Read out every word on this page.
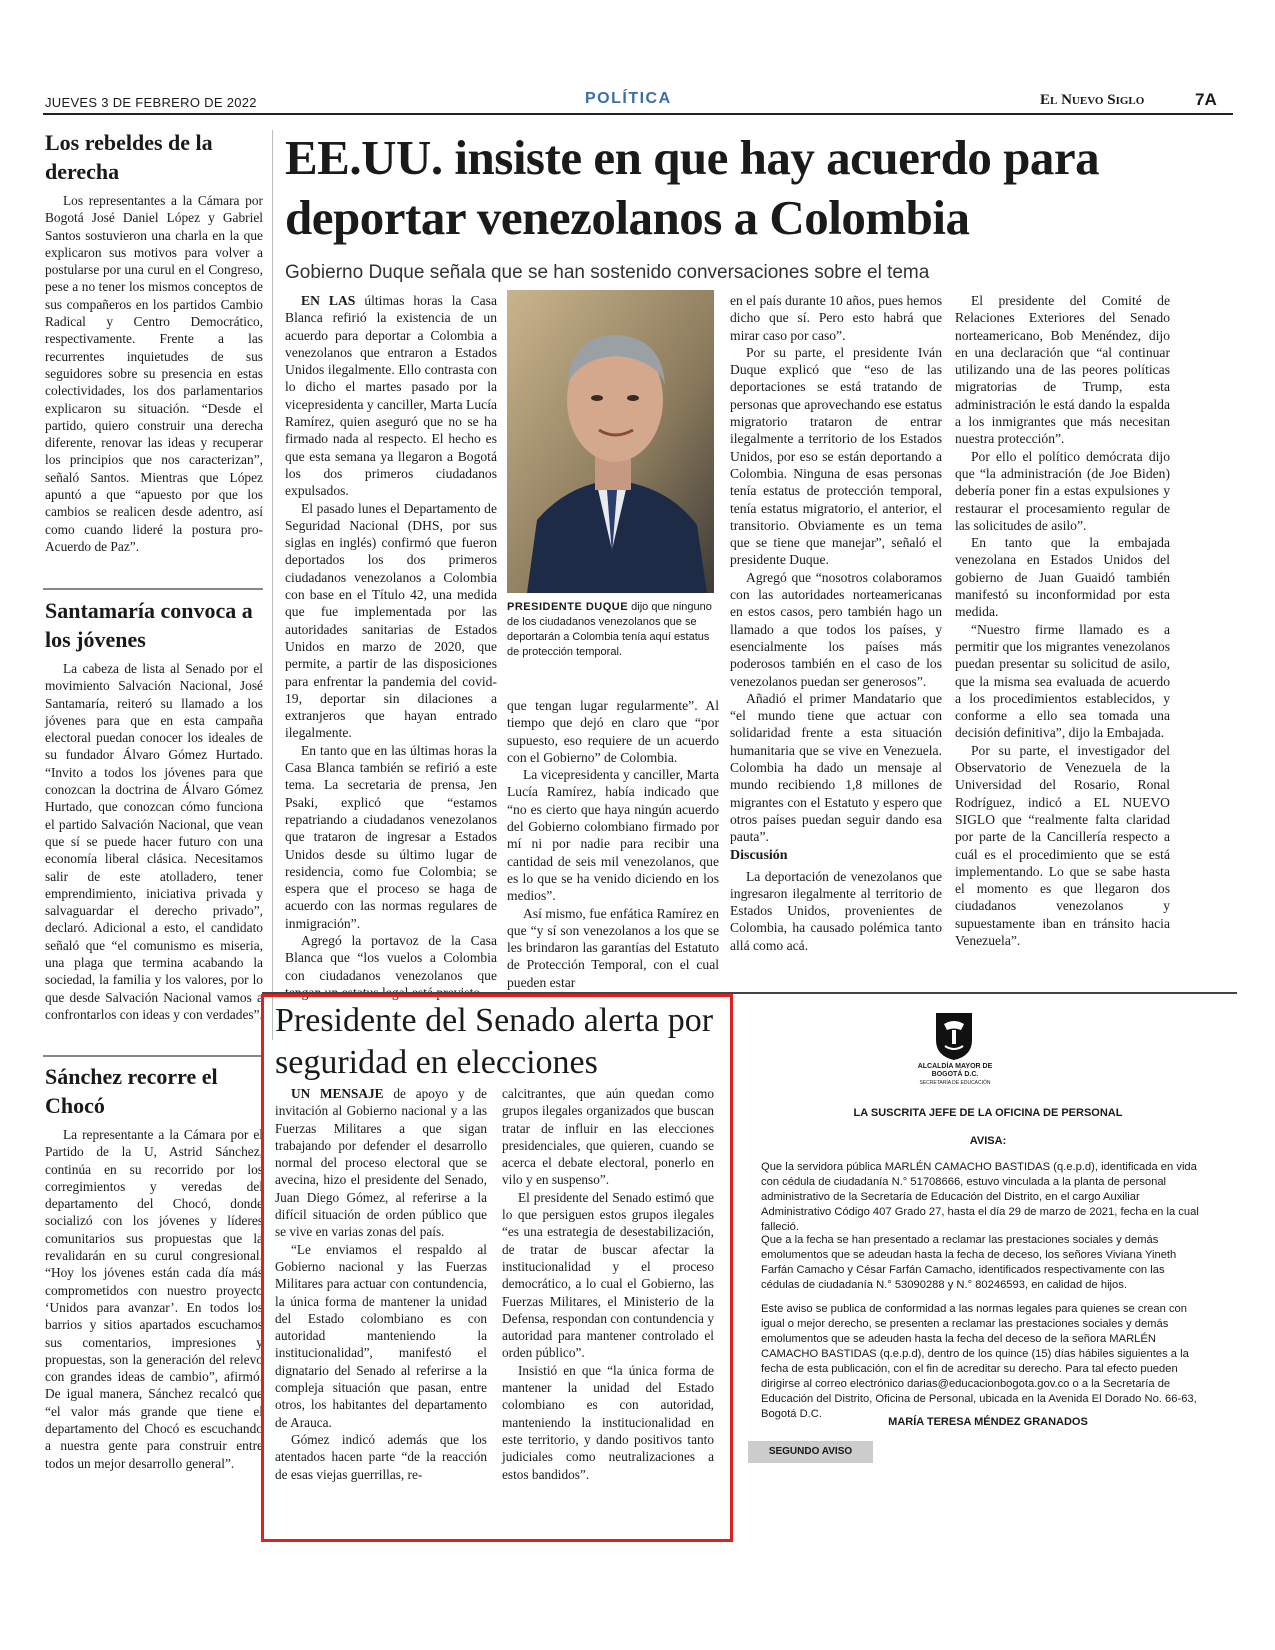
JUEVES 3 DE FEBRERO DE 2022	POLÍTICA	El Nuevo Siglo	7A
Los rebeldes de la derecha

Los representantes a la Cámara por Bogotá José Daniel López y Gabriel Santos sostuvieron una charla en la que explicaron sus motivos para volver a postularse por una curul en el Congreso, pese a no tener los mismos conceptos de sus compañeros en los partidos Cambio Radical y Centro Democrático, respectivamente. Frente a las recurrentes inquietudes de sus seguidores sobre su presencia en estas colectividades, los dos parlamentarios explicaron su situación. “Desde el partido, quiero construir una derecha diferente, renovar las ideas y recuperar los principios que nos caracterizan”, señaló Santos. Mientras que López apuntó a que “apuesto por que los cambios se realicen desde adentro, así como cuando lideré la postura pro-Acuerdo de Paz”.

Santamaría convoca a los jóvenes

La cabeza de lista al Senado por el movimiento Salvación Nacional, José Santamaría, reiteró su llamado a los jóvenes para que en esta campaña electoral puedan conocer los ideales de su fundador Álvaro Gómez Hurtado. “Invito a todos los jóvenes para que conozcan la doctrina de Álvaro Gómez Hurtado, que conozcan cómo funciona el partido Salvación Nacional, que vean que sí se puede hacer futuro con una economía liberal clásica. Necesitamos salir de este atolladero, tener emprendimiento, iniciativa privada y salvaguardar el derecho privado”, declaró. Adicional a esto, el candidato señaló que “el comunismo es miseria, una plaga que termina acabando la sociedad, la familia y los valores, por lo que desde Salvación Nacional vamos a confrontarlos con ideas y con verdades”.

Sánchez recorre el Chocó

La representante a la Cámara por el Partido de la U, Astrid Sánchez, continúa en su recorrido por los corregimientos y veredas del departamento del Chocó, donde socializó con los jóvenes y líderes comunitarios sus propuestas que la revalidarán en su curul congresional. “Hoy los jóvenes están cada día más comprometidos con nuestro proyecto ‘Unidos para avanzar’. En todos los barrios y sitios apartados escuchamos sus comentarios, impresiones y propuestas, son la generación del relevo con grandes ideas de cambio”, afirmó. De igual manera, Sánchez recalcó que “el valor más grande que tiene el departamento del Chocó es escuchando a nuestra gente para construir entre todos un mejor desarrollo general”.

EE.UU. insiste en que hay acuerdo para deportar venezolanos a Colombia
Gobierno Duque señala que se han sostenido conversaciones sobre el tema

EN LAS últimas horas la Casa Blanca refirió la existencia de un acuerdo para deportar a Colombia a venezolanos que entraron a Estados Unidos ilegalmente. Ello contrasta con lo dicho el martes pasado por la vicepresidenta y canciller, Marta Lucía Ramírez, quien aseguró que no se ha firmado nada al respecto. El hecho es que esta semana ya llegaron a Bogotá los dos primeros ciudadanos expulsados.

El pasado lunes el Departamento de Seguridad Nacional (DHS, por sus siglas en inglés) confirmó que fueron deportados los dos primeros ciudadanos venezolanos a Colombia con base en el Título 42, una medida que fue implementada por las autoridades sanitarias de Estados Unidos en marzo de 2020, que permite, a partir de las disposiciones para enfrentar la pandemia del covid-19, deportar sin dilaciones a extranjeros que hayan entrado ilegalmente.

En tanto que en las últimas horas la Casa Blanca también se refirió a este tema. La secretaria de prensa, Jen Psaki, explicó que “estamos repatriando a ciudadanos venezolanos que trataron de ingresar a Estados Unidos desde su último lugar de residencia, como fue Colombia; se espera que el proceso se haga de acuerdo con las normas regulares de inmigración”.

Agregó la portavoz de la Casa Blanca que “los vuelos a Colombia con ciudadanos venezolanos que tengan un estatus legal está previsto

PRESIDENTE DUQUE dijo que ninguno de los ciudadanos venezolanos que se deportarán a Colombia tenía aquí estatus de protección temporal.

que tengan lugar regularmente”. Al tiempo que dejó en claro que “por supuesto, eso requiere de un acuerdo con el Gobierno” de Colombia.

La vicepresidenta y canciller, Marta Lucía Ramírez, había indicado que “no es cierto que haya ningún acuerdo del Gobierno colombiano firmado por mí ni por nadie para recibir una cantidad de seis mil venezolanos, que es lo que se ha venido diciendo en los medios”.

Así mismo, fue enfática Ramírez en que “y sí son venezolanos a los que se les brindaron las garantías del Estatuto de Protección Temporal, con el cual pueden estar

en el país durante 10 años, pues hemos dicho que sí. Pero esto habrá que mirar caso por caso”.

Por su parte, el presidente Iván Duque explicó que “eso de las deportaciones se está tratando de personas que aprovechando ese estatus migratorio trataron de entrar ilegalmente a territorio de los Estados Unidos, por eso se están deportando a Colombia. Ninguna de esas personas tenía estatus de protección temporal, tenía estatus migratorio, el anterior, el transitorio. Obviamente es un tema que se tiene que manejar”, señaló el presidente Duque.

Agregó que “nosotros colaboramos con las autoridades norteamericanas en estos casos, pero también hago un llamado a que todos los países, y esencialmente los países más poderosos también en el caso de los venezolanos puedan ser generosos”.

Añadió el primer Mandatario que “el mundo tiene que actuar con solidaridad frente a esta situación humanitaria que se vive en Venezuela. Colombia ha dado un mensaje al mundo recibiendo 1,8 millones de migrantes con el Estatuto y espero que otros países puedan seguir dando esa pauta”.

Discusión

La deportación de venezolanos que ingresaron ilegalmente al territorio de Estados Unidos, provenientes de Colombia, ha causado polémica tanto allá como acá.

El presidente del Comité de Relaciones Exteriores del Senado norteamericano, Bob Menéndez, dijo en una declaración que “al continuar utilizando una de las peores políticas migratorias de Trump, esta administración le está dando la espalda a los inmigrantes que más necesitan nuestra protección”.

Por ello el político demócrata dijo que “la administración (de Joe Biden) debería poner fin a estas expulsiones y restaurar el procesamiento regular de las solicitudes de asilo”.

En tanto que la embajada venezolana en Estados Unidos del gobierno de Juan Guaidó también manifestó su inconformidad por esta medida.

“Nuestro firme llamado es a permitir que los migrantes venezolanos puedan presentar su solicitud de asilo, que la misma sea evaluada de acuerdo a los procedimientos establecidos, y conforme a ello sea tomada una decisión definitiva”, dijo la Embajada.

Por su parte, el investigador del Observatorio de Venezuela de la Universidad del Rosario, Ronal Rodríguez, indicó a EL NUEVO SIGLO que “realmente falta claridad por parte de la Cancillería respecto a cuál es el procedimiento que se está implementando. Lo que se sabe hasta el momento es que llegaron dos ciudadanos venezolanos y supuestamente iban en tránsito hacia Venezuela”.

Presidente del Senado alerta por seguridad en elecciones

UN MENSAJE de apoyo y de invitación al Gobierno nacional y a las Fuerzas Militares a que sigan trabajando por defender el desarrollo normal del proceso electoral que se avecina, hizo el presidente del Senado, Juan Diego Gómez, al referirse a la difícil situación de orden público que se vive en varias zonas del país.

“Le enviamos el respaldo al Gobierno nacional y las Fuerzas Militares para actuar con contundencia, la única forma de mantener la unidad del Estado colombiano es con autoridad manteniendo la institucionalidad”, manifestó el dignatario del Senado al referirse a la compleja situación que pasan, entre otros, los habitantes del departamento de Arauca.

Gómez indicó además que los atentados hacen parte “de la reacción de esas viejas guerrillas, re-

calcitrantes, que aún quedan como grupos ilegales organizados que buscan tratar de influir en las elecciones presidenciales, que quieren, cuando se acerca el debate electoral, ponerlo en vilo y en suspenso”.

El presidente del Senado estimó que lo que persiguen estos grupos ilegales “es una estrategia de desestabilización, de tratar de buscar afectar la institucionalidad y el proceso democrático, a lo cual el Gobierno, las Fuerzas Militares, el Ministerio de la Defensa, respondan con contundencia y autoridad para mantener controlado el orden público”.

Insistió en que “la única forma de mantener la unidad del Estado colombiano es con autoridad, manteniendo la institucionalidad en este territorio, y dando positivos tanto judiciales como neutralizaciones a estos bandidos”.

ALCALDÍA MAYOR DE BOGOTÁ D.C.
SECRETARÍA DE EDUCACIÓN
LA SUSCRITA JEFE DE LA OFICINA DE PERSONAL
AVISA:
Que la servidora pública MARLÉN CAMACHO BASTIDAS (q.e.p.d), identificada en vida con cédula de ciudadanía N.° 51708666, estuvo vinculada a la planta de personal administrativo de la Secretaría de Educación del Distrito, en el cargo Auxiliar Administrativo Código 407 Grado 27, hasta el día 29 de marzo de 2021, fecha en la cual falleció.
Que a la fecha se han presentado a reclamar las prestaciones sociales y demás emolumentos que se adeudan hasta la fecha de deceso, los señores Viviana Yineth Farfán Camacho y César Farfán Camacho, identificados respectivamente con las cédulas de ciudadanía N.° 53090288 y N.° 80246593, en calidad de hijos.
Este aviso se publica de conformidad a las normas legales para quienes se crean con igual o mejor derecho, se presenten a reclamar las prestaciones sociales y demás emolumentos que se adeuden hasta la fecha del deceso de la señora MARLÉN CAMACHO BASTIDAS (q.e.p.d), dentro de los quince (15) días hábiles siguientes a la fecha de esta publicación, con el fin de acreditar su derecho. Para tal efecto pueden dirigirse al correo electrónico darias@educacionbogota.gov.co o a la Secretaría de Educación del Distrito, Oficina de Personal, ubicada en la Avenida El Dorado No. 66-63, Bogotá D.C.
MARÍA TERESA MÉNDEZ GRANADOS
SEGUNDO AVISO
